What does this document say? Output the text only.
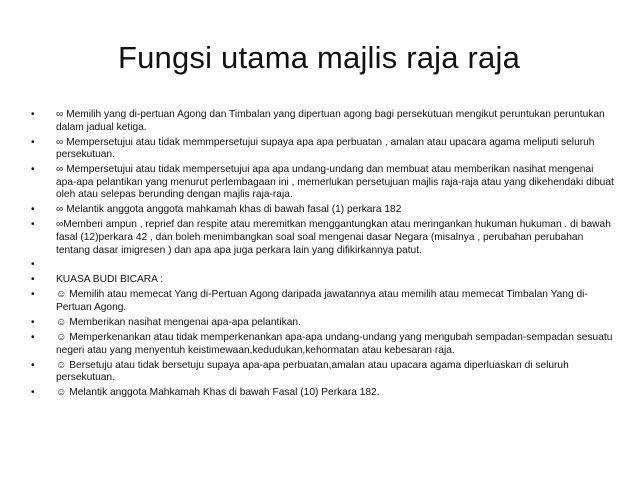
Fungsi utama majlis raja raja
• ∞ Memilih yang di-pertuan Agong dan Timbalan yang dipertuan agong bagi persekutuan mengikut peruntukan peruntukan dalam jadual ketiga.
• ∞ Mempersetujui atau tidak memmpersetujui supaya apa apa perbuatan , amalan atau upacara agama meliputi seluruh persekutuan.
• ∞ Mempersetujui atau tidak mempersetujui apa apa undang-undang dan membuat atau memberikan nasihat mengenai apa-apa pelantikan yang menurut perlembagaan ini , memerlukan persetujuan majlis raja-raja atau yang dikehendaki dibuat oleh atau selepas berunding dengan majlis raja-raja.
• ∞ Melantik anggota anggota mahkamah khas di bawah fasal (1) perkara 182
• ∞Memberi ampun , reprief dan respite atau meremitkan menggantungkan atau meringankan hukuman hukuman . di bawah fasal (12)perkara 42 , dan boleh menimbangkan soal soal mengenai dasar Negara (misalnya , perubahan perubahan tentang dasar imigresen ) dan apa apa juga perkara lain yang difikirkannya patut.
•

• KUASA BUDI BICARA :
• ☺ Memilih atau memecat Yang di-Pertuan Agong daripada jawatannya atau memilih atau memecat Timbalan Yang di-Pertuan Agong.
• ☺ Memberikan nasihat mengenai apa-apa pelantikan.
• ☺ Memperkenankan atau tidak memperkenankan apa-apa undang-undang yang mengubah sempadan-sempadan sesuatu negeri atau yang menyentuh keistimewaan,kedudukan,kehormatan atau kebesaran raja.
• ☺ Bersetuju atau tidak bersetuju supaya apa-apa perbuatan,amalan atau upacara agama diperluaskan di seluruh persekutuan.
• ☺ Melantik anggota Mahkamah Khas di bawah Fasal (10) Perkara 182.
